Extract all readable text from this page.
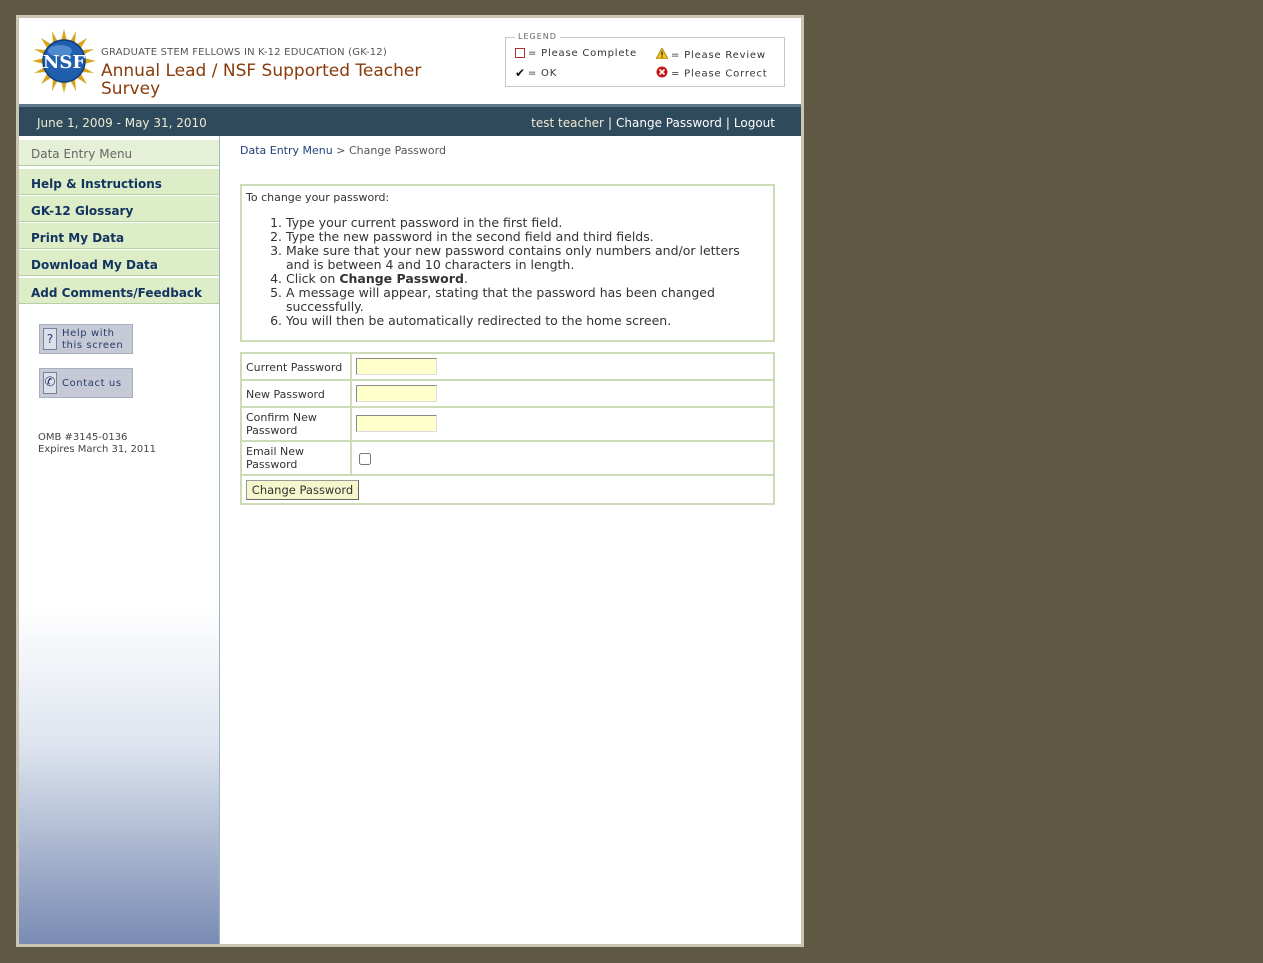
NSF GRADUATE STEM FELLOWS IN K-12 EDUCATION (GK-12)
Annual Lead / NSF Supported Teacher Survey
LEGEND
= Please Complete
✔ = OK
= Please Review
= Please Correct
June 1, 2009 - May 31, 2010	test teacher | Change Password | Logout
Data Entry Menu
Help & Instructions
GK-12 Glossary
Print My Data
Download My Data
Add Comments/Feedback
? Help with
this screen
✆ Contact us
OMB #3145-0136
Expires March 31, 2011
Data Entry Menu > Change Password
To change your password:
1. Type your current password in the first field.
2. Type the new password in the second field and third fields.
3. Make sure that your new password contains only numbers and/or letters and is between 4 and 10 characters in length.
4. Click on Change Password.
5. A message will appear, stating that the password has been changed successfully.
6. You will then be automatically redirected to the home screen.
Current Password
New Password
Confirm New Password
Email New Password
Change Password
